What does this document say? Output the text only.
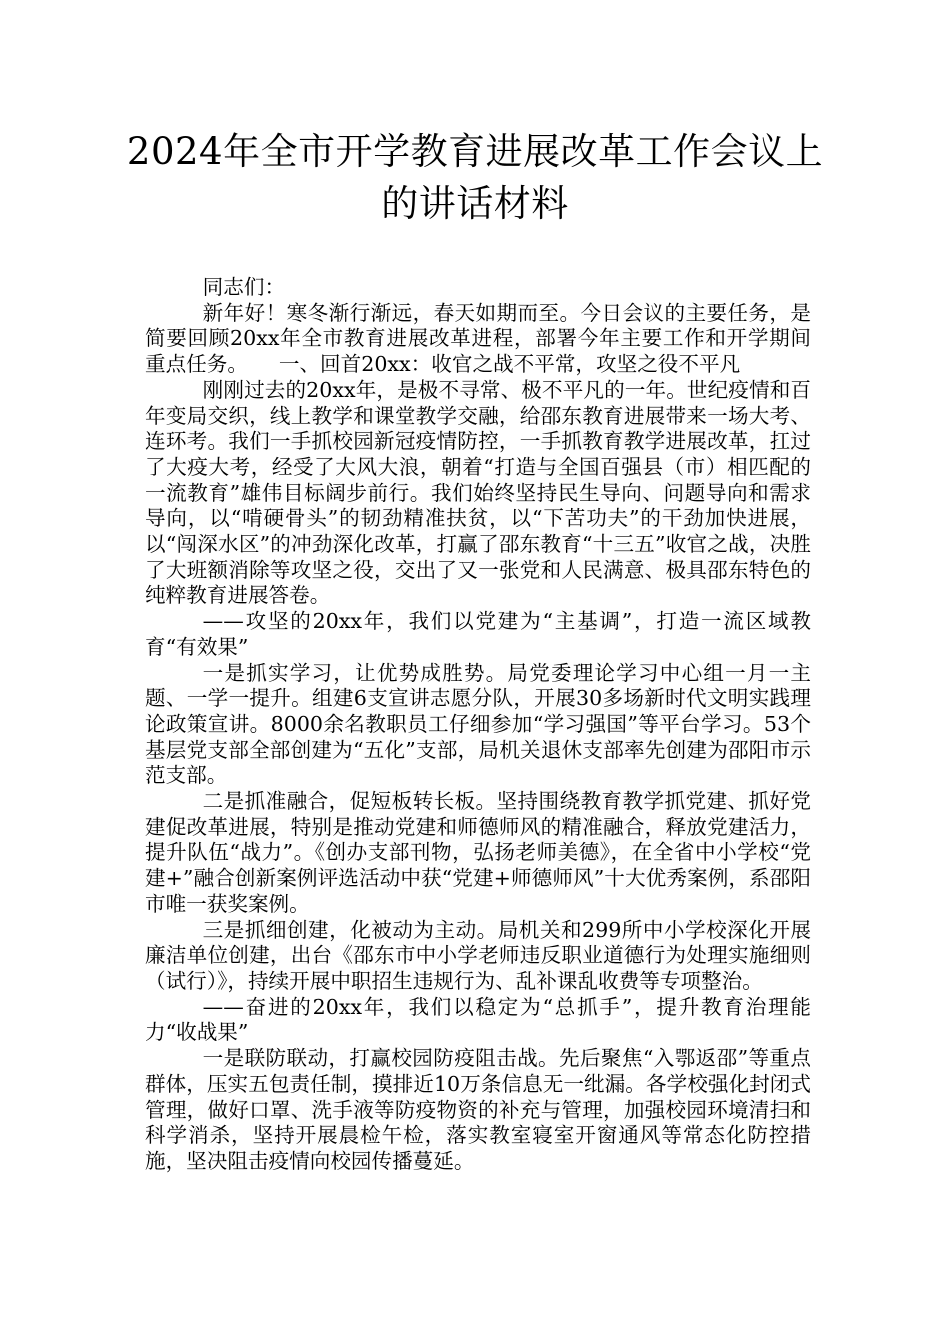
2024年全市开学教育进展改革工作会议上的讲话材料

同志们：

新年好！寒冬渐行渐远，春天如期而至。今日会议的主要任务，是简要回顾20xx年全市教育进展改革进程，部署今年主要工作和开学期间重点任务。　　一、回首20xx：收官之战不平常，攻坚之役不平凡

刚刚过去的20xx年，是极不寻常、极不平凡的一年。世纪疫情和百年变局交织，线上教学和课堂教学交融，给邵东教育进展带来一场大考、连环考。我们一手抓校园新冠疫情防控，一手抓教育教学进展改革，扛过了大疫大考，经受了大风大浪，朝着“打造与全国百强县（市）相匹配的一流教育”雄伟目标阔步前行。我们始终坚持民生导向、问题导向和需求导向，以“啃硬骨头”的韧劲精准扶贫，以“下苦功夫”的干劲加快进展，以“闯深水区”的冲劲深化改革，打赢了邵东教育“十三五”收官之战，决胜了大班额消除等攻坚之役，交出了又一张党和人民满意、极具邵东特色的纯粹教育进展答卷。

——攻坚的20xx年，我们以党建为“主基调”，打造一流区域教育“有效果”

一是抓实学习，让优势成胜势。局党委理论学习中心组一月一主题、一学一提升。组建6支宣讲志愿分队，开展30多场新时代文明实践理论政策宣讲。8000余名教职员工仔细参加“学习强国”等平台学习。53个基层党支部全部创建为“五化”支部，局机关退休支部率先创建为邵阳市示范支部。

二是抓准融合，促短板转长板。坚持围绕教育教学抓党建、抓好党建促改革进展，特别是推动党建和师德师风的精准融合，释放党建活力，提升队伍“战力”。《创办支部刊物，弘扬老师美德》，在全省中小学校“党建+”融合创新案例评选活动中获“党建+师德师风”十大优秀案例，系邵阳市唯一获奖案例。

三是抓细创建，化被动为主动。局机关和299所中小学校深化开展廉洁单位创建，出台《邵东市中小学老师违反职业道德行为处理实施细则（试行）》，持续开展中职招生违规行为、乱补课乱收费等专项整治。

——奋进的20xx年，我们以稳定为“总抓手”，提升教育治理能力“收战果”

一是联防联动，打赢校园防疫阻击战。先后聚焦“入鄂返邵”等重点群体，压实五包责任制，摸排近10万条信息无一纰漏。各学校强化封闭式管理，做好口罩、洗手液等防疫物资的补充与管理，加强校园环境清扫和科学消杀，坚持开展晨检午检，落实教室寝室开窗通风等常态化防控措施，坚决阻击疫情向校园传播蔓延。
